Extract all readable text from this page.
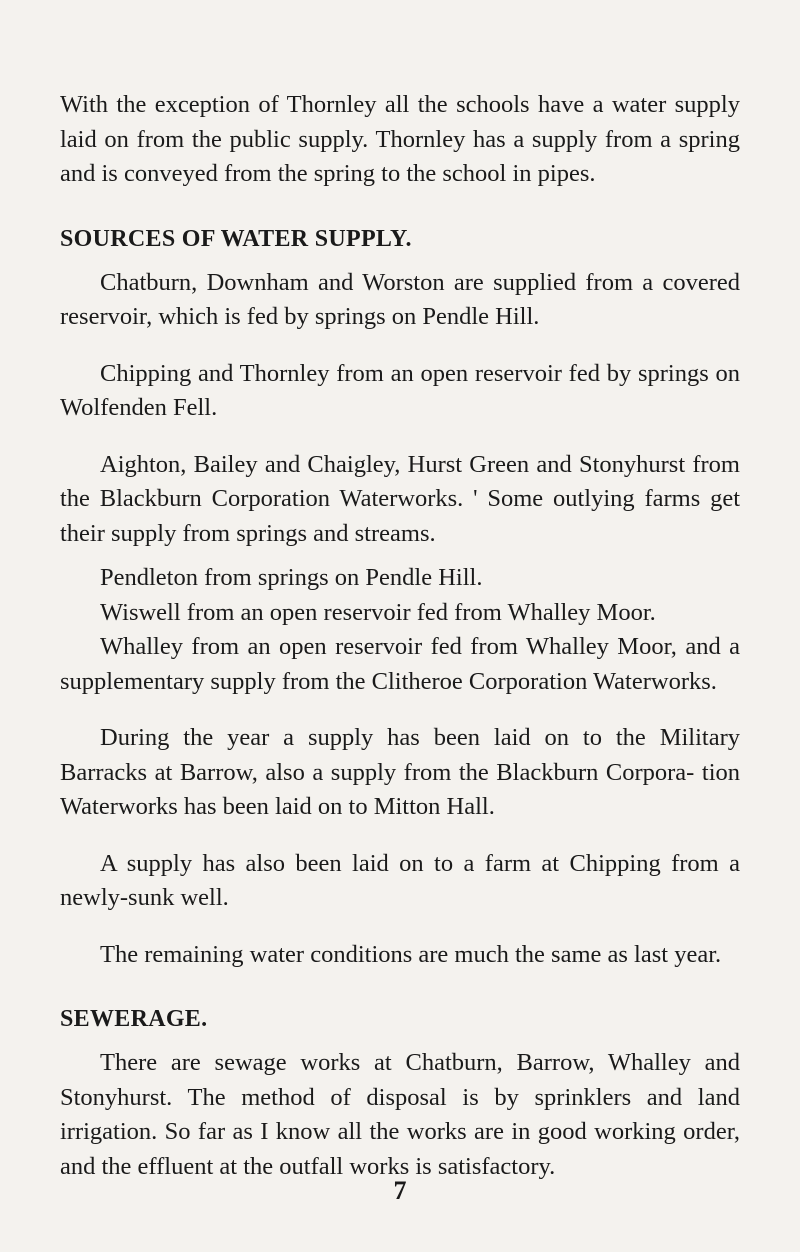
With the exception of Thornley all the schools have a water supply laid on from the public supply. Thornley has a supply from a spring and is conveyed from the spring to the school in pipes.

SOURCES OF WATER SUPPLY.

Chatburn, Downham and Worston are supplied from a covered reservoir, which is fed by springs on Pendle Hill.

Chipping and Thornley from an open reservoir fed by springs on Wolfenden Fell.

Aighton, Bailey and Chaigley, Hurst Green and Stonyhurst from the Blackburn Corporation Waterworks. ' Some outlying farms get their supply from springs and streams.

Pendleton from springs on Pendle Hill.

Wiswell from an open reservoir fed from Whalley Moor.

Whalley from an open reservoir fed from Whalley Moor, and a supplementary supply from the Clitheroe Corporation Waterworks.

During the year a supply has been laid on to the Military Barracks at Barrow, also a supply from the Blackburn Corpora- tion Waterworks has been laid on to Mitton Hall.

A supply has also been laid on to a farm at Chipping from a newly-sunk well.

The remaining water conditions are much the same as last year.

SEWERAGE.

There are sewage works at Chatburn, Barrow, Whalley and Stonyhurst. The method of disposal is by sprinklers and land irrigation. So far as I know all the works are in good working order, and the effluent at the outfall works is satisfactory.

7
